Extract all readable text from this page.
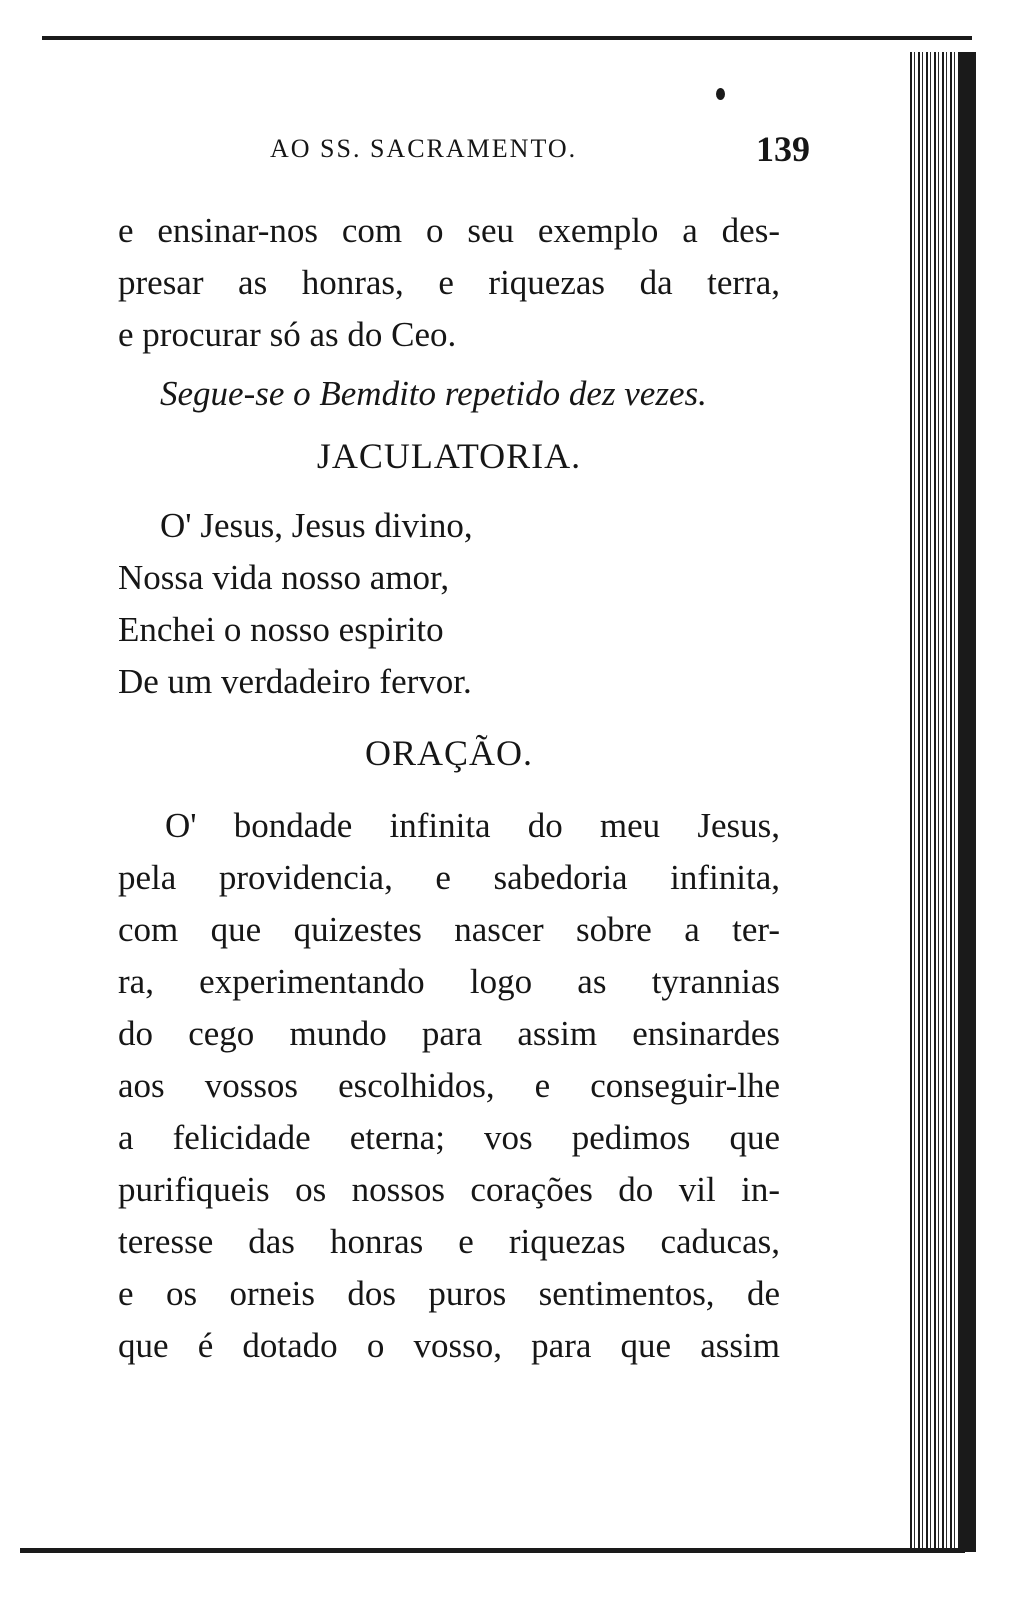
AO SS. SACRAMENTO.	139
e ensinar-nos com o seu exemplo a des-
presar as honras, e riquezas da terra,
e procurar só as do Ceo.
Segue-se o Bemdito repetido dez vezes.
JACULATORIA.
O' Jesus, Jesus divino,
Nossa vida nosso amor,
Enchei o nosso espirito
De um verdadeiro fervor.
ORAÇÃO.
O' bondade infinita do meu Jesus,
pela providencia, e sabedoria infinita,
com que quizestes nascer sobre a ter-
ra, experimentando logo as tyrannias
do cego mundo para assim ensinardes
aos vossos escolhidos, e conseguir-lhe
a felicidade eterna; vos pedimos que
purifiqueis os nossos corações do vil in-
teresse das honras e riquezas caducas,
e os orneis dos puros sentimentos, de
que é dotado o vosso, para que assim
